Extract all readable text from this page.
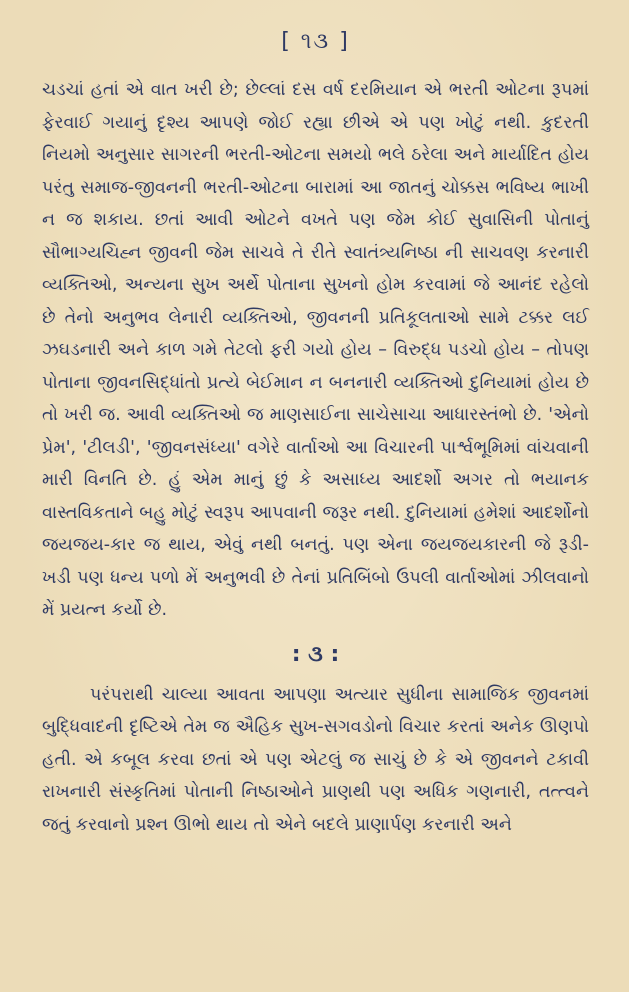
[ ૧૩ ]

ચડચાં હતાં એ વાત ખરી છે; છેલ્લાં દસ વર્ષ દરમિયાન એ ભરતી ઓટના રૂપમાં ફેરવાઈ ગયાનું દૃશ્ય આપણે જોઈ રહ્યા છીએ એ પણ ખોટું નથી. કુદરતી નિયમો અનુસાર સાગરની ભરતી-ઓટના સમયો ભલે ઠરેલા અને માર્યાદિત હોય પરંતુ સમાજ-જીવનની ભરતી-ઓટના બારામાં આ જાતનું ચોક્કસ ભવિષ્ય ભાખી ન જ શકાય. છતાં આવી ઓટને વખતે પણ જેમ કોઈ સુવાસિની પોતાનું સૌભાગ્યચિહ્ન જીવની જેમ સાચવે તે રીતે સ્વાતંત્ર્યનિષ્ઠા ની સાચવણ કરનારી વ્યક્તિઓ, અન્યના સુખ અર્થે પોતાના સુખનો હોમ કરવામાં જે આનંદ રહેલો છે તેનો અનુભવ લેનારી વ્યક્તિઓ, જીવનની પ્રતિકૂલતાઓ સામે ટક્કર લઈ ઝઘડનારી અને કાળ ગમે તેટલો ફરી ગયો હોય – વિરુદ્ધ પડચો હોય – તોપણ પોતાના જીવનસિદ્ધાંતો પ્રત્યે બેઈમાન ન બનનારી વ્યક્તિઓ દુનિયામાં હોય છે તો ખરી જ. આવી વ્યક્તિઓ જ માણસાઈના સાચેસાચા આધારસ્તંભો છે. 'એનો પ્રેમ', 'ટીલડી', 'જીવનસંધ્યા' વગેરે વાર્તાઓ આ વિચારની પાર્શ્વભૂમિમાં વાંચવાની મારી વિનતિ છે. હું એમ માનું છું કે અસાધ્ય આદર્શો અગર તો ભયાનક વાસ્તવિકતાને બહુ મોટું સ્વરૂપ આપવાની જરૂર નથી. દુનિયામાં હમેશાં આદર્શોનો જયજય-કાર જ થાય, એવું નથી બનતું. પણ એના જયજયકારની જે રૂડી-ખડી પણ ધન્ય પળો મેં અનુભવી છે તેનાં પ્રતિબિંબો ઉપલી વાર્તાઓમાં ઝીલવાનો મેં પ્રયત્ન કર્યો છે.

: ૩ :

પરંપરાથી ચાલ્યા આવતા આપણા અત્યાર સુધીના સામાજિક જીવનમાં બુદ્ધિવાદની દૃષ્ટિએ તેમ જ ઐહિક સુખ-સગવડોનો વિચાર કરતાં અનેક ઊણપો હતી. એ કબૂલ કરવા છતાં એ પણ એટલું જ સાચું છે કે એ જીવનને ટકાવી રાખનારી સંસ્કૃતિમાં પોતાની નિષ્ઠાઓને પ્રાણથી પણ અધિક ગણનારી, તત્ત્વને જતું કરવાનો પ્રશ્ન ઊભો થાય તો એને બદલે પ્રાણાર્પણ કરનારી અને
